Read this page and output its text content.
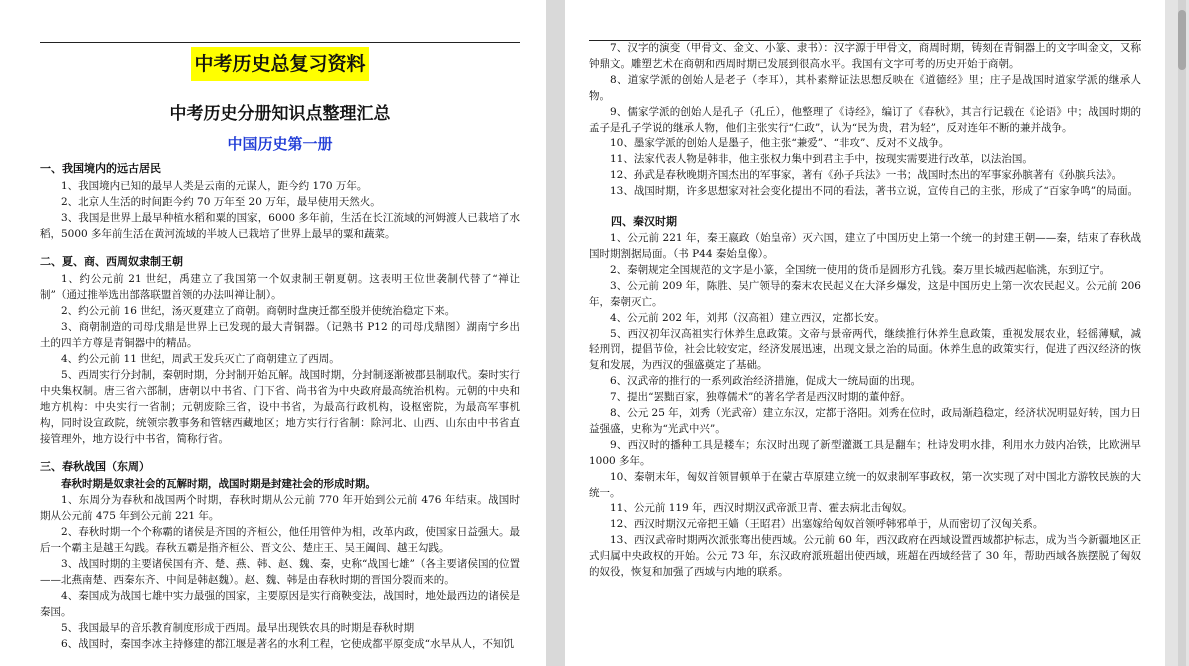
中考历史总复习资料
中考历史分册知识点整理汇总
中国历史第一册
一、我国境内的远古居民

1、我国境内已知的最早人类是云南的元谋人，距今约 170 万年。

2、北京人生活的时间距今约 70 万年至 20 万年，最早使用天然火。

3、我国是世界上最早种植水稻和粟的国家，6000 多年前，生活在长江流域的河姆渡人已栽培了水稻，5000 多年前生活在黄河流域的半坡人已栽培了世界上最早的粟和蔬菜。

二、夏、商、西周奴隶制王朝

1、约公元前 21 世纪，禹建立了我国第一个奴隶制王朝夏朝。这表明王位世袭制代替了“禅让制”（通过推举选出部落联盟首领的办法叫禅让制）。

2、约公元前 16 世纪，汤灭夏建立了商朝。商朝时盘庚迁都至殷并使统治稳定下来。

3、商朝制造的司母戊鼎是世界上已发现的最大青铜器。（记熟书 P12 的司母戊鼎图）湖南宁乡出土的四羊方尊是青铜器中的精品。

4、约公元前 11 世纪，周武王发兵灭亡了商朝建立了西周。

5、西周实行分封制，秦朝时期，分封制开始瓦解。战国时期，分封制逐渐被郡县制取代。秦时实行中央集权制。唐三省六部制，唐朝以中书省、门下省、尚书省为中央政府最高统治机构。元朝的中央和地方机构：中央实行一省制；元朝废除三省，设中书省，为最高行政机构，设枢密院，为最高军事机构，同时设宣政院，统领宗教事务和管辖西藏地区；地方实行行省制：除河北、山西、山东由中书省直接管理外，地方设行中书省，简称行省。

三、春秋战国（东周）

春秋时期是奴隶社会的瓦解时期，战国时期是封建社会的形成时期。

1、东周分为春秋和战国两个时期，春秋时期从公元前 770 年开始到公元前 476 年结束。战国时期从公元前 475 年到公元前 221 年。

2、春秋时期一个个称霸的诸侯是齐国的齐桓公，他任用管仲为相，改革内政，使国家日益强大。最后一个霸主是越王勾践。春秋五霸是指齐桓公、晋文公、楚庄王、吴王阖闾、越王勾践。

3、战国时期的主要诸侯国有齐、楚、燕、韩、赵、魏、秦，史称“战国七雄”（各主要诸侯国的位置——北燕南楚、西秦东齐、中间是韩赵魏）。赵、魏、韩是由春秋时期的晋国分裂而来的。

4、秦国成为战国七雄中实力最强的国家，主要原因是实行商鞅变法，战国时，地处最西边的诸侯是秦国。

5、我国最早的音乐教育制度形成于西周。最早出现铁农具的时期是春秋时期

6、战国时，秦国李冰主持修建的都江堰是著名的水利工程，它使成都平原变成“水旱从人，不知饥

7、汉字的演变（甲骨文、金文、小篆、隶书）：汉字源于甲骨文，商周时期，铸刻在青铜器上的文字叫金文，又称钟鼎文。雕塑艺术在商朝和西周时期已发展到很高水平。我国有文字可考的历史开始于商朝。

8、道家学派的创始人是老子（李耳），其朴素辩证法思想反映在《道德经》里；庄子是战国时道家学派的继承人物。

9、儒家学派的创始人是孔子（孔丘），他整理了《诗经》，编订了《春秋》，其言行记载在《论语》中；战国时期的孟子是孔子学说的继承人物，他们主张实行“仁政”，认为“民为贵，君为轻”，反对连年不断的兼并战争。

10、墨家学派的创始人是墨子，他主张“兼爱”、“非攻”、反对不义战争。

11、法家代表人物是韩非，他主张权力集中到君主手中，按现实需要进行改革，以法治国。

12、孙武是春秋晚期齐国杰出的军事家，著有《孙子兵法》一书；战国时杰出的军事家孙膑著有《孙膑兵法》。

13、战国时期，许多思想家对社会变化提出不同的看法，著书立说，宣传自己的主张，形成了“百家争鸣”的局面。

四、秦汉时期

1、公元前 221 年，秦王嬴政（始皇帝）灭六国，建立了中国历史上第一个统一的封建王朝——秦，结束了春秋战国时期割据局面。（书 P44 秦始皇像）。

2、秦朝规定全国规范的文字是小篆，全国统一使用的货币是圆形方孔钱。秦万里长城西起临洮，东到辽宁。

3、公元前 209 年，陈胜、吴广领导的秦末农民起义在大泽乡爆发，这是中国历史上第一次农民起义。公元前 206 年，秦朝灭亡。

4、公元前 202 年，刘邦（汉高祖）建立西汉，定都长安。

5、西汉初年汉高祖实行休养生息政策。文帝与景帝两代，继续推行休养生息政策，重视发展农业，轻徭薄赋，减轻刑罚，提倡节俭，社会比较安定，经济发展迅速，出现文景之治的局面。休养生息的政策实行，促进了西汉经济的恢复和发展，为西汉的强盛奠定了基础。

6、汉武帝的推行的一系列政治经济措施，促成大一统局面的出现。

7、提出“罢黜百家，独尊儒术”的著名学者是西汉时期的董仲舒。

8、公元 25 年，刘秀（光武帝）建立东汉，定都于洛阳。刘秀在位时，政局渐趋稳定，经济状况明显好转，国力日益强盛，史称为“光武中兴”。

9、西汉时的播种工具是耧车；东汉时出现了新型灌溉工具是翻车；杜诗发明水排，利用水力鼓内冶铁，比欧洲早 1000 多年。

10、秦朝末年，匈奴首领冒顿单于在蒙古草原建立统一的奴隶制军事政权，第一次实现了对中国北方游牧民族的大统一。

11、公元前 119 年，西汉时期汉武帝派卫青、霍去病北击匈奴。

12、西汉时期汉元帝把王嫱（王昭君）出塞嫁给匈奴首领呼韩邪单于，从而密切了汉匈关系。

13、西汉武帝时期两次派张骞出使西域。公元前 60 年，西汉政府在西域设置西域都护标志，成为当今新疆地区正式归属中央政权的开始。公元 73 年，东汉政府派班超出使西域，班超在西域经营了 30 年，帮助西域各族摆脱了匈奴的奴役，恢复和加强了西域与内地的联系。
